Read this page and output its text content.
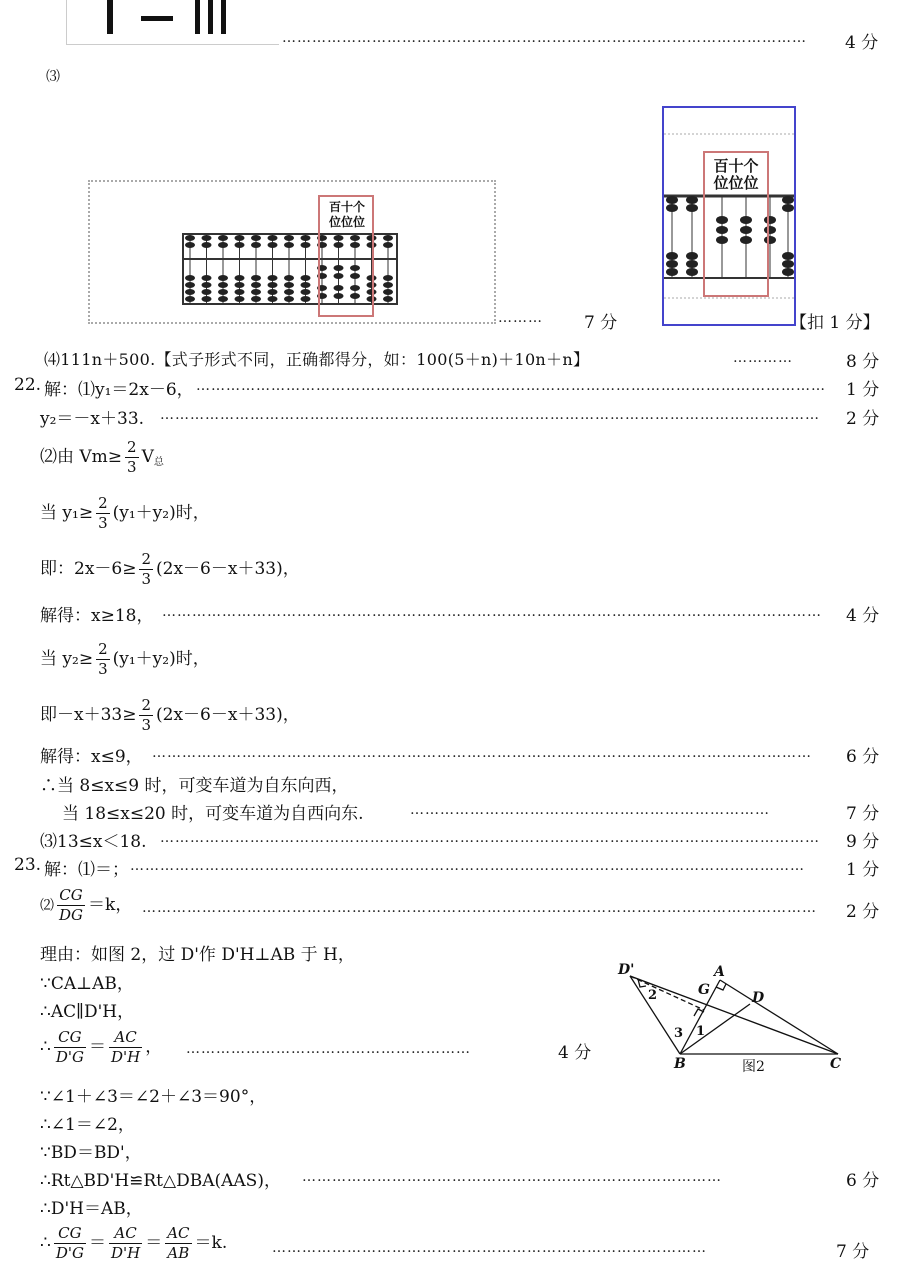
……………………………………………………………………………………………	4 分
⑶
百十个
位位位
………	7 分
百十个
位位位
【扣 1 分】
⑷111n＋500.【式子形式不同，正确都得分，如：100(5＋n)＋10n＋n】	…………	8 分
22. 解：⑴y₁＝2x－6， ………………………………………………………………………………………………………………	1 分
y₂＝－x＋33. ……………………………………………………………………………………………………………………	2 分
⑵由 $Vm\ge \frac{2}{3}$ V总
当 $y_1\ge \frac{2}{3} (y_1+y_2)$时，
即：$2x-6\ge \frac{2}{3} (2x-6-x+33)$，
解得：x≥18， ……………………………………………………………………………………………………………………	4 分
当 $y_2\ge \frac{2}{3} (y_1+y_2)$时，
即$-x+33\ge \frac{2}{3} (2x-6-x+33)$，
解得：x≤9， ……………………………………………………………………………………………………………………	6 分
∴当 8≤x≤9 时，可变车道为自东向西，
当 18≤x≤20 时，可变车道为自西向东.	………………………………………………………………	7 分
⑶13≤x＜18. ……………………………………………………………………………………………………………………	9 分
23. 解：⑴＝； ………………………………………………………………………………………………………………………	1 分
⑵ $\frac{CG}{DG} =k$， ………………………………………………………………………………………………………………………	2 分
理由：如图 2，过 D'作 D'H⊥AB 于 H，
∵CA⊥AB，
∴AC∥D'H，
∴ $\frac{CG}{D'G} = \frac{AC}{D'H}$ ， …………………………………………………	4 分
∵∠1＋∠3＝∠2＋∠3＝90°，
∴∠1＝∠2，
∵BD＝BD'，
∴Rt△BD'H≌Rt△DBA(AAS)， …………………………………………………………………………	6 分
∴D'H＝AB，
∴ $\frac{CG}{D'G} = \frac{AC}{D'H} = \frac{AC}{AB} =k$.	……………………………………………………………………………	7 分
D'	A
G	D
B	C
1
2
3
图2
